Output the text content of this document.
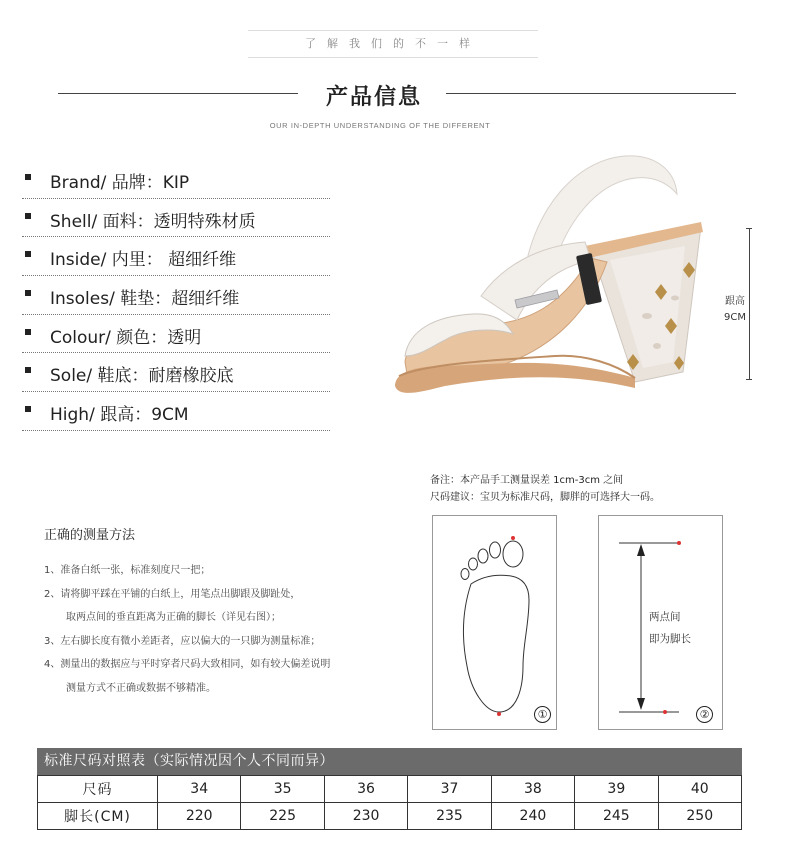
了解我们的不一样
产品信息
OUR IN-DEPTH UNDERSTANDING OF THE DIFFERENT
Brand/ 品牌：KIP
Shell/ 面料：透明特殊材质
Inside/ 内里： 超细纤维
Insoles/ 鞋垫：超细纤维
Colour/ 颜色：透明
Sole/ 鞋底：耐磨橡胶底
High/ 跟高：9CM
跟高
9CM
备注：本产品手工测量误差 1cm-3cm 之间
尺码建议：宝贝为标准尺码，脚胖的可选择大一码。
正确的测量方法
1、准备白纸一张，标准刻度尺一把；
2、请将脚平踩在平铺的白纸上，用笔点出脚跟及脚趾处，
取两点间的垂直距离为正确的脚长（详见右图）；
3、左右脚长度有微小差距者，应以偏大的一只脚为测量标准；
4、测量出的数据应与平时穿者尺码大致相同，如有较大偏差说明
测量方式不正确或数据不够精准。
①
两点间
即为脚长
②
标准尺码对照表（实际情况因个人不同而异）
尺码	34	35	36	37	38	39	40
脚长(CM)	220	225	230	235	240	245	250
